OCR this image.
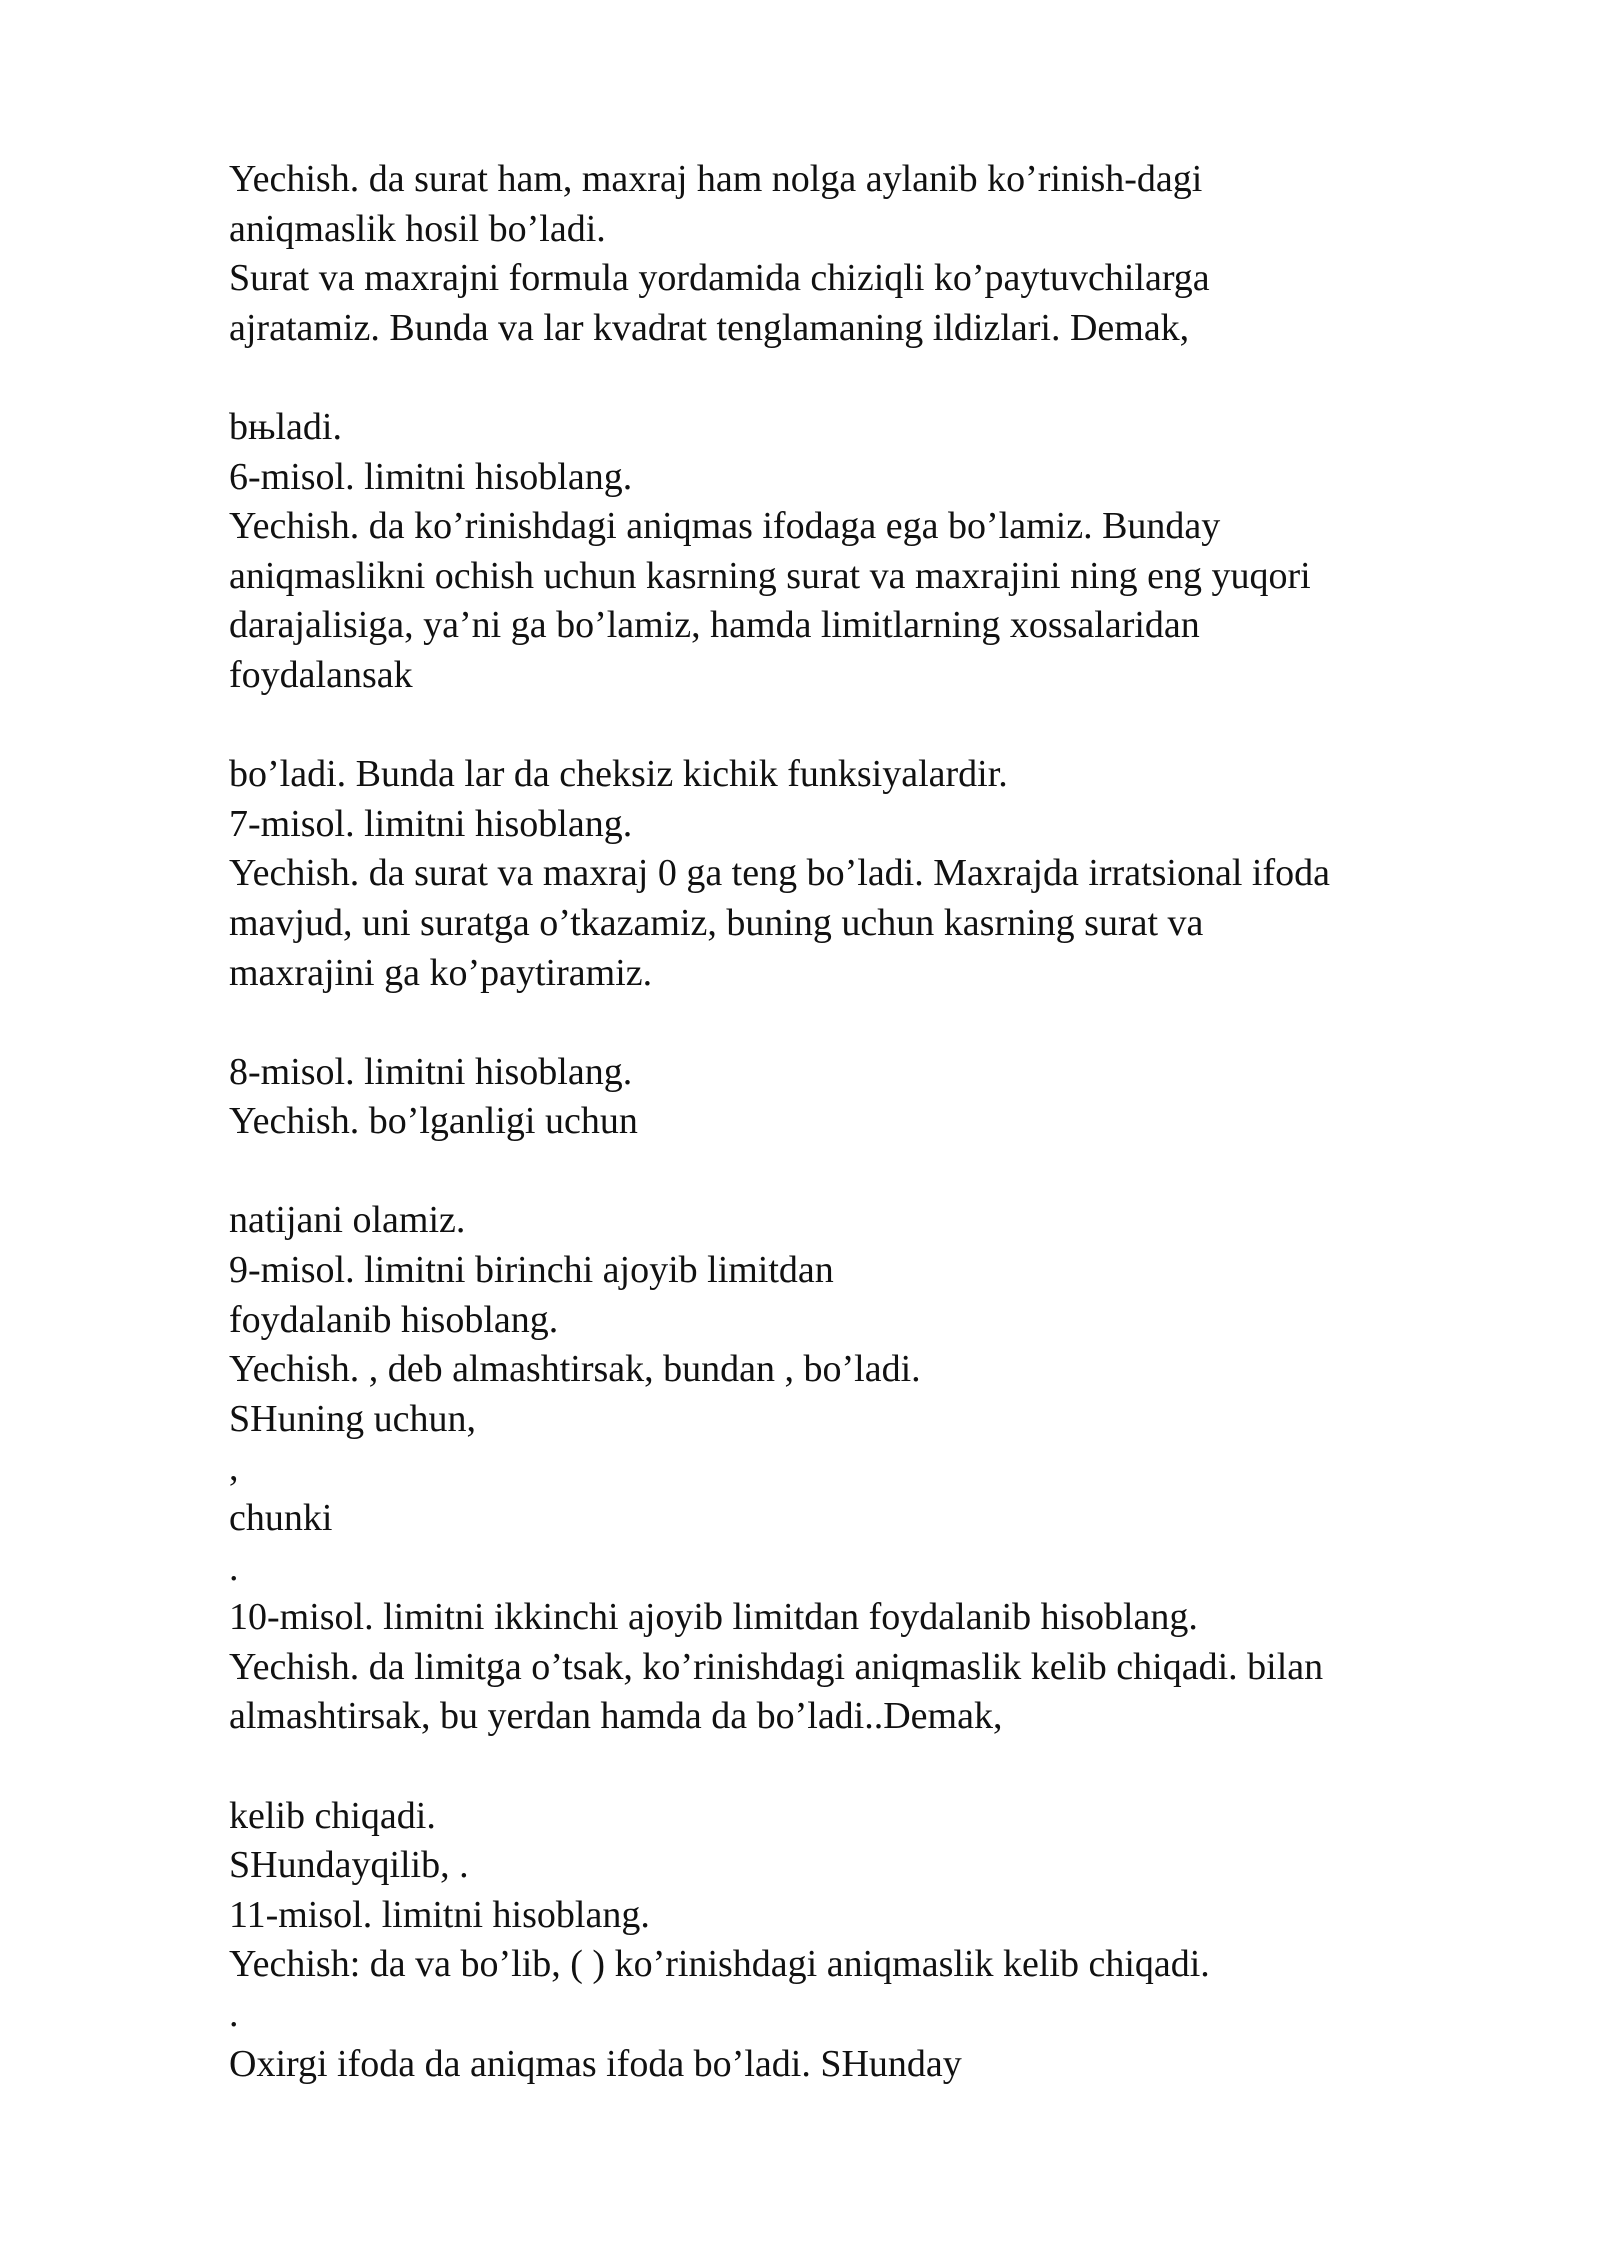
Yechish. da surat ham, maxraj ham nolga aylanib ko’rinish-dagi
aniqmaslik hosil bo’ladi.
Surat va maxrajni formula yordamida chiziqli ko’paytuvchilarga
ajratamiz. Bunda va lar kvadrat tenglamaning ildizlari. Demak,
bњladi.
6-misol. limitni hisoblang.
Yechish. da ko’rinishdagi aniqmas ifodaga ega bo’lamiz. Bunday
aniqmaslikni ochish uchun kasrning surat va maxrajini ning eng yuqori
darajalisiga, ya’ni ga bo’lamiz, hamda limitlarning xossalaridan
foydalansak
bo’ladi. Bunda lar da cheksiz kichik funksiyalardir.
7-misol. limitni hisoblang.
Yechish. da surat va maxraj 0 ga teng bo’ladi. Maxrajda irratsional ifoda
mavjud, uni suratga o’tkazamiz, buning uchun kasrning surat va
maxrajini ga ko’paytiramiz.
8-misol. limitni hisoblang.
Yechish. bo’lganligi uchun
natijani olamiz.
9-misol. limitni birinchi ajoyib limitdan
foydalanib hisoblang.
Yechish. , deb almashtirsak, bundan , bo’ladi.
SHuning uchun,
,
chunki
.
10-misol. limitni ikkinchi ajoyib limitdan foydalanib hisoblang.
Yechish. da limitga o’tsak, ko’rinishdagi aniqmaslik kelib chiqadi. bilan
almashtirsak, bu yerdan hamda da bo’ladi..Demak,
kelib chiqadi.
SHundayqilib, .
11-misol. limitni hisoblang.
Yechish: da va bo’lib, ( ) ko’rinishdagi aniqmaslik kelib chiqadi.
.
Oxirgi ifoda da aniqmas ifoda bo’ladi. SHunday
